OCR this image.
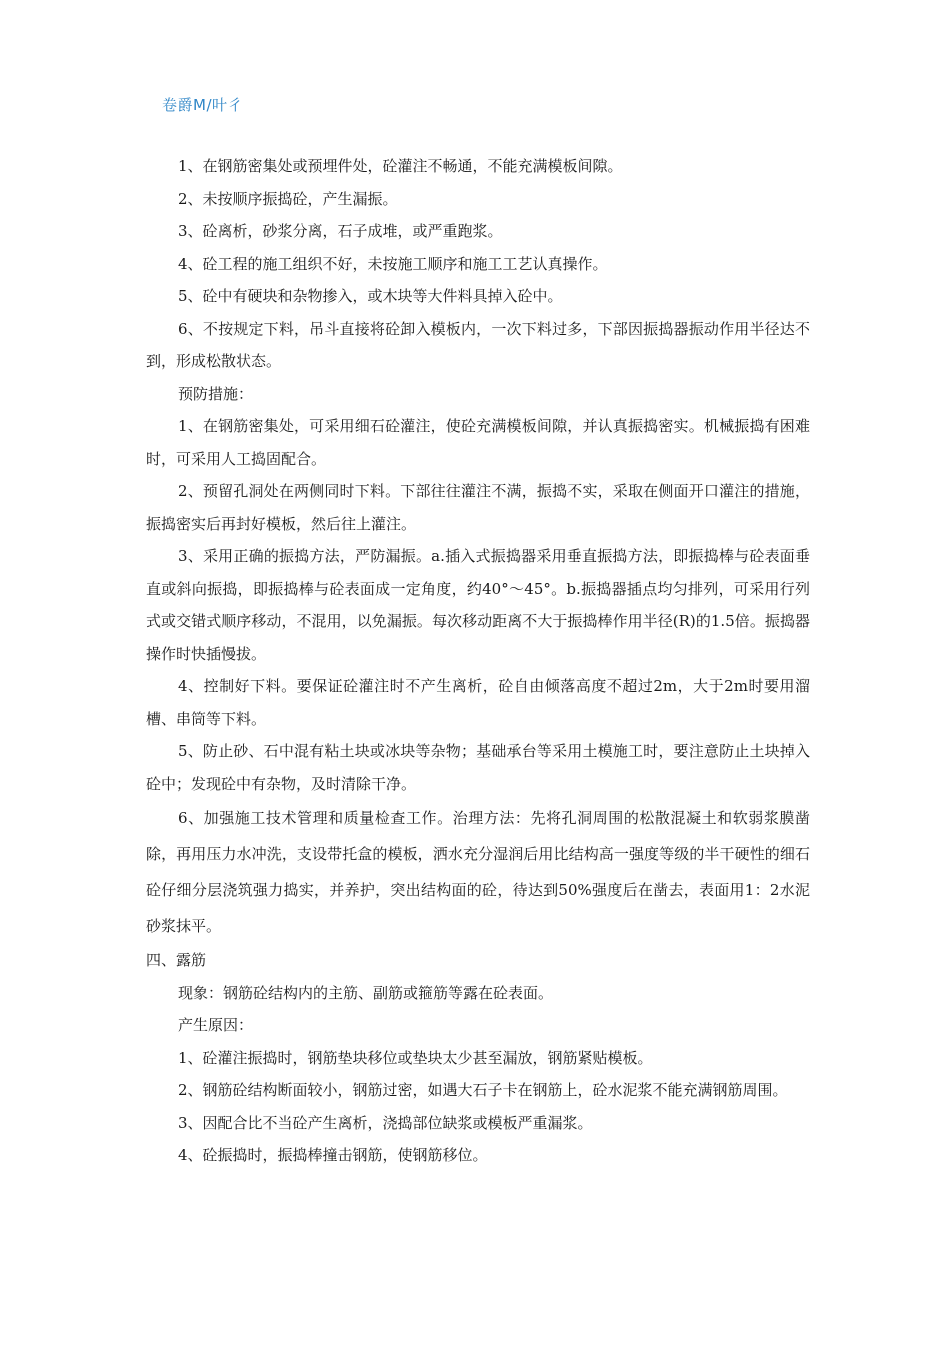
卷爵M/叶彳

1、在钢筋密集处或预埋件处，砼灌注不畅通，不能充满模板间隙。

2、未按顺序振捣砼，产生漏振。

3、砼离析，砂浆分离，石子成堆，或严重跑浆。

4、砼工程的施工组织不好，未按施工顺序和施工工艺认真操作。

5、砼中有硬块和杂物掺入，或木块等大件料具掉入砼中。

6、不按规定下料，吊斗直接将砼卸入模板内，一次下料过多，下部因振捣器振动作用半径达不到，形成松散状态。

预防措施：

1、在钢筋密集处，可采用细石砼灌注，使砼充满模板间隙，并认真振捣密实。机械振捣有困难时，可采用人工捣固配合。

2、预留孔洞处在两侧同时下料。下部往往灌注不满，振捣不实，采取在侧面开口灌注的措施，振捣密实后再封好模板，然后往上灌注。

3、采用正确的振捣方法，严防漏振。a.插入式振捣器采用垂直振捣方法，即振捣棒与砼表面垂直或斜向振捣，即振捣棒与砼表面成一定角度，约40°～45°。b.振捣器插点均匀排列，可采用行列式或交错式顺序移动，不混用，以免漏振。每次移动距离不大于振捣棒作用半径(R)的1.5倍。振捣器操作时快插慢拔。

4、控制好下料。要保证砼灌注时不产生离析，砼自由倾落高度不超过2m，大于2m时要用溜槽、串筒等下料。

5、防止砂、石中混有粘土块或冰块等杂物；基础承台等采用土模施工时，要注意防止土块掉入砼中；发现砼中有杂物，及时清除干净。

6、加强施工技术管理和质量检查工作。治理方法：先将孔洞周围的松散混凝土和软弱浆膜凿除，再用压力水冲洗，支设带托盒的模板，洒水充分湿润后用比结构高一强度等级的半干硬性的细石砼仔细分层浇筑强力捣实，并养护，突出结构面的砼，待达到50%强度后在凿去，表面用1：2水泥砂浆抹平。

四、露筋

现象：钢筋砼结构内的主筋、副筋或箍筋等露在砼表面。

产生原因：

1、砼灌注振捣时，钢筋垫块移位或垫块太少甚至漏放，钢筋紧贴模板。

2、钢筋砼结构断面较小，钢筋过密，如遇大石子卡在钢筋上，砼水泥浆不能充满钢筋周围。

3、因配合比不当砼产生离析，浇捣部位缺浆或模板严重漏浆。

4、砼振捣时，振捣棒撞击钢筋，使钢筋移位。
